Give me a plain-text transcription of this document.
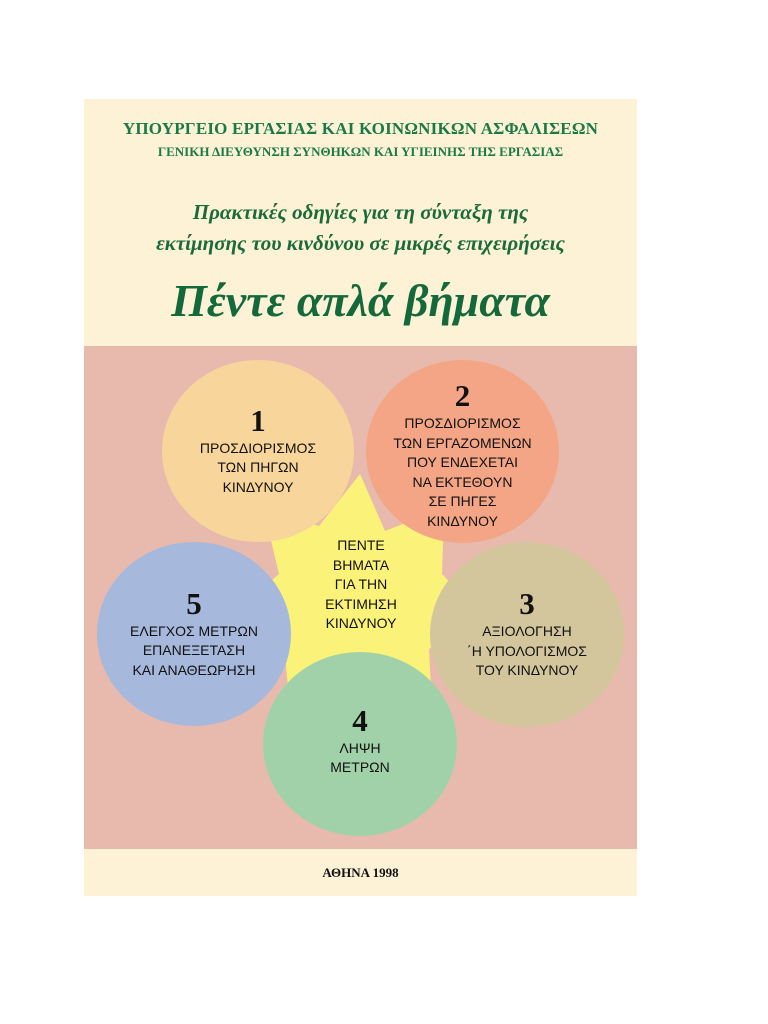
ΥΠΟΥΡΓΕΙΟ ΕΡΓΑΣΙΑΣ ΚΑΙ ΚΟΙΝΩΝΙΚΩΝ ΑΣΦΑΛΙΣΕΩΝ
ΓΕΝΙΚΗ ΔΙΕΥΘΥΝΣΗ ΣΥΝΘΗΚΩΝ ΚΑΙ ΥΓΙΕΙΝΗΣ ΤΗΣ ΕΡΓΑΣΙΑΣ
Πρακτικές οδηγίες για τη σύνταξη της
εκτίμησης του κινδύνου σε μικρές επιχειρήσεις
Πέντε απλά βήματα
ΠΕΝΤΕ
ΒΗΜΑΤΑ
ΓΙΑ ΤΗΝ
ΕΚΤΙΜΗΣΗ
ΚΙΝΔΥΝΟΥ
1
ΠΡΟΣΔΙΟΡΙΣΜΟΣ
ΤΩΝ ΠΗΓΩΝ
ΚΙΝΔΥΝΟΥ
2
ΠΡΟΣΔΙΟΡΙΣΜΟΣ
ΤΩΝ ΕΡΓΑΖΟΜΕΝΩΝ
ΠΟΥ ΕΝΔΕΧΕΤΑΙ
ΝΑ ΕΚΤΕΘΟΥΝ
ΣΕ ΠΗΓΕΣ
ΚΙΝΔΥΝΟΥ
3
ΑΞΙΟΛΟΓΗΣΗ
΄Η ΥΠΟΛΟΓΙΣΜΟΣ
ΤΟΥ ΚΙΝΔΥΝΟΥ
4
ΛΗΨΗ
ΜΕΤΡΩΝ
5
ΕΛΕΓΧΟΣ ΜΕΤΡΩΝ
ΕΠΑΝΕΞΕΤΑΣΗ
ΚΑΙ ΑΝΑΘΕΩΡΗΣΗ
ΑΘΗΝΑ 1998
